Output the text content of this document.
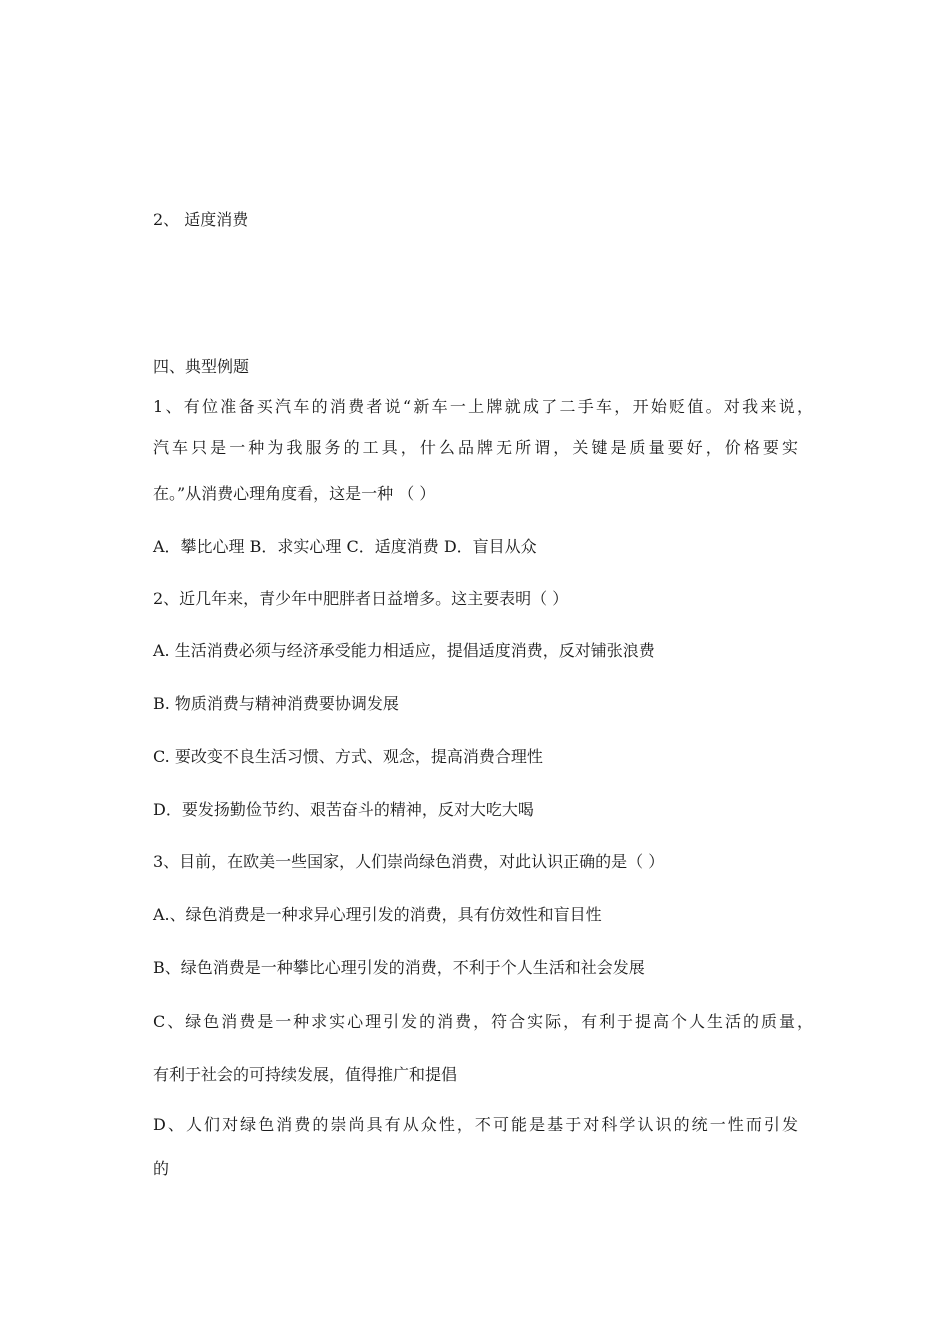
2、 适度消费
四、典型例题
1、有位准备买汽车的消费者说“新车一上牌就成了二手车，开始贬值。对我来说，
汽车只是一种为我服务的工具，什么品牌无所谓，关键是质量要好，价格要实
在。”从消费心理角度看，这是一种 （ ）
A．攀比心理 B．求实心理 C．适度消费 D．盲目从众
2、近几年来，青少年中肥胖者日益增多。这主要表明（ ）
A. 生活消费必须与经济承受能力相适应，提倡适度消费，反对铺张浪费
B. 物质消费与精神消费要协调发展
C. 要改变不良生活习惯、方式、观念，提高消费合理性
D．要发扬勤俭节约、艰苦奋斗的精神，反对大吃大喝
3、目前，在欧美一些国家，人们崇尚绿色消费，对此认识正确的是（ ）
A.、绿色消费是一种求异心理引发的消费，具有仿效性和盲目性
B、绿色消费是一种攀比心理引发的消费，不利于个人生活和社会发展
C、绿色消费是一种求实心理引发的消费，符合实际，有利于提高个人生活的质量，
有利于社会的可持续发展，值得推广和提倡
D、人们对绿色消费的崇尚具有从众性，不可能是基于对科学认识的统一性而引发
的
